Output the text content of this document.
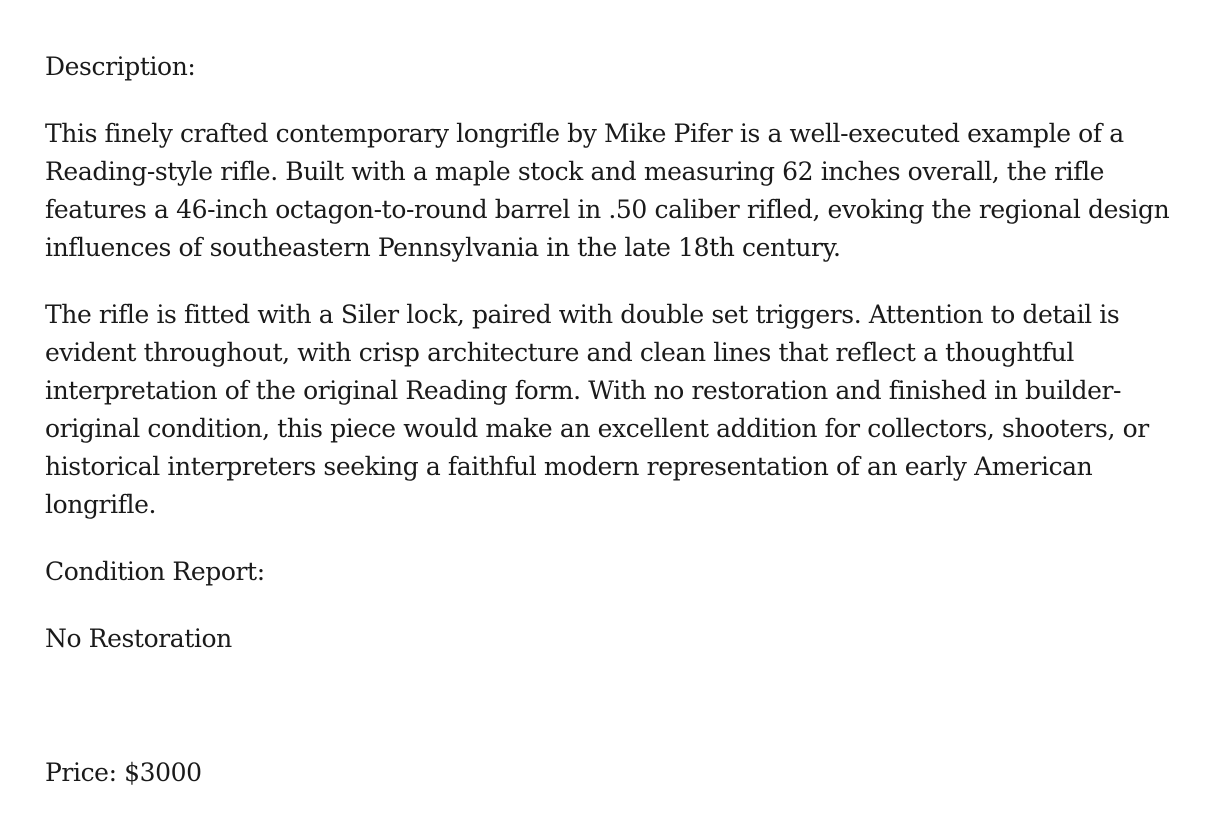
Description:

This finely crafted contemporary longrifle by Mike Pifer is a well-executed example of a Reading-style rifle. Built with a maple stock and measuring 62 inches overall, the rifle features a 46-inch octagon-to-round barrel in .50 caliber rifled, evoking the regional design influences of southeastern Pennsylvania in the late 18th century.

The rifle is fitted with a Siler lock, paired with double set triggers. Attention to detail is evident throughout, with crisp architecture and clean lines that reflect a thoughtful interpretation of the original Reading form. With no restoration and finished in builder-original condition, this piece would make an excellent addition for collectors, shooters, or historical interpreters seeking a faithful modern representation of an early American longrifle.

Condition Report:

No Restoration

Price: $3000
